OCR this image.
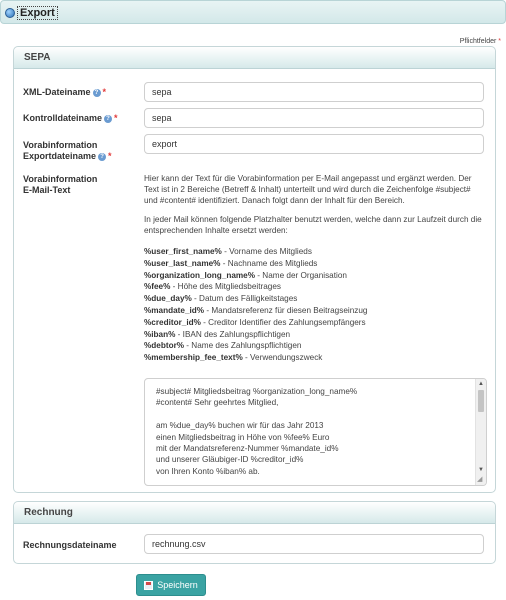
Export
Pflichtfelder *
SEPA
XML-Dateiname ? *
sepa
Kontrolldateiname ? *
sepa
Vorabinformation
Exportdateiname ? *
export
Vorabinformation
E-Mail-Text

Hier kann der Text für die Vorabinformation per E-Mail angepasst und ergänzt werden. Der Text ist in 2 Bereiche (Betreff & Inhalt) unterteilt und wird durch die Zeichenfolge #subject# und #content# identifiziert. Danach folgt dann der Inhalt für den Bereich.

In jeder Mail können folgende Platzhalter benutzt werden, welche dann zur Laufzeit durch die entsprechenden Inhalte ersetzt werden:

%user_first_name% - Vorname des Mitglieds
%user_last_name% - Nachname des Mitglieds
%organization_long_name% - Name der Organisation
%fee% - Höhe des Mitgliedsbeitrages
%due_day% - Datum des Fälligkeitstages
%mandate_id% - Mandatsreferenz für diesen Beitragseinzug
%creditor_id% - Creditor Identifier des Zahlungsempfängers
%iban% - IBAN des Zahlungspflichtigen
%debtor% - Name des Zahlungspflichtigen
%membership_fee_text% - Verwendungszweck
#subject# Mitgliedsbeitrag %organization_long_name% #content# Sehr geehrtes Mitglied, am %due_day% buchen wir für das Jahr 2013 einen Mitgliedsbeitrag in Höhe von %fee% Euro mit der Mandatsreferenz-Nummer %mandate_id% und unserer Gläubiger-ID %creditor_id% von Ihren Konto %iban% ab.
▲
▼
◢
Rechnung
Rechnungsdateiname
rechnung.csv
Speichern
